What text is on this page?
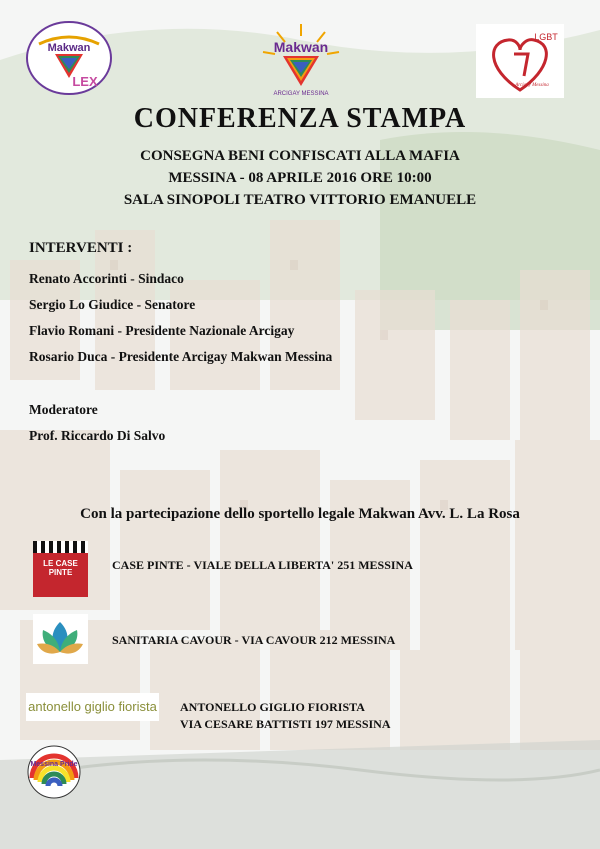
Makwan
LEX
Makwan
ARCIGAY MESSINA
LGBT
Arcigay Messina
CONFERENZA STAMPA
CONSEGNA BENI CONFISCATI ALLA MAFIA
MESSINA - 08 APRILE 2016 ORE 10:00
SALA SINOPOLI TEATRO VITTORIO EMANUELE
INTERVENTI :
Renato Accorinti - Sindaco
Sergio Lo Giudice - Senatore
Flavio Romani - Presidente Nazionale Arcigay
Rosario Duca - Presidente Arcigay Makwan Messina
Moderatore
Prof. Riccardo Di Salvo
Con la partecipazione dello sportello legale Makwan Avv. L. La Rosa
LE CASE PINTE
CASE PINTE - VIALE DELLA LIBERTA' 251 MESSINA
SANITARIA CAVOUR - VIA CAVOUR 212 MESSINA
antonello giglio fiorista ANTONELLO GIGLIO FIORISTA
VIA CESARE BATTISTI 197 MESSINA
Messina Pride
